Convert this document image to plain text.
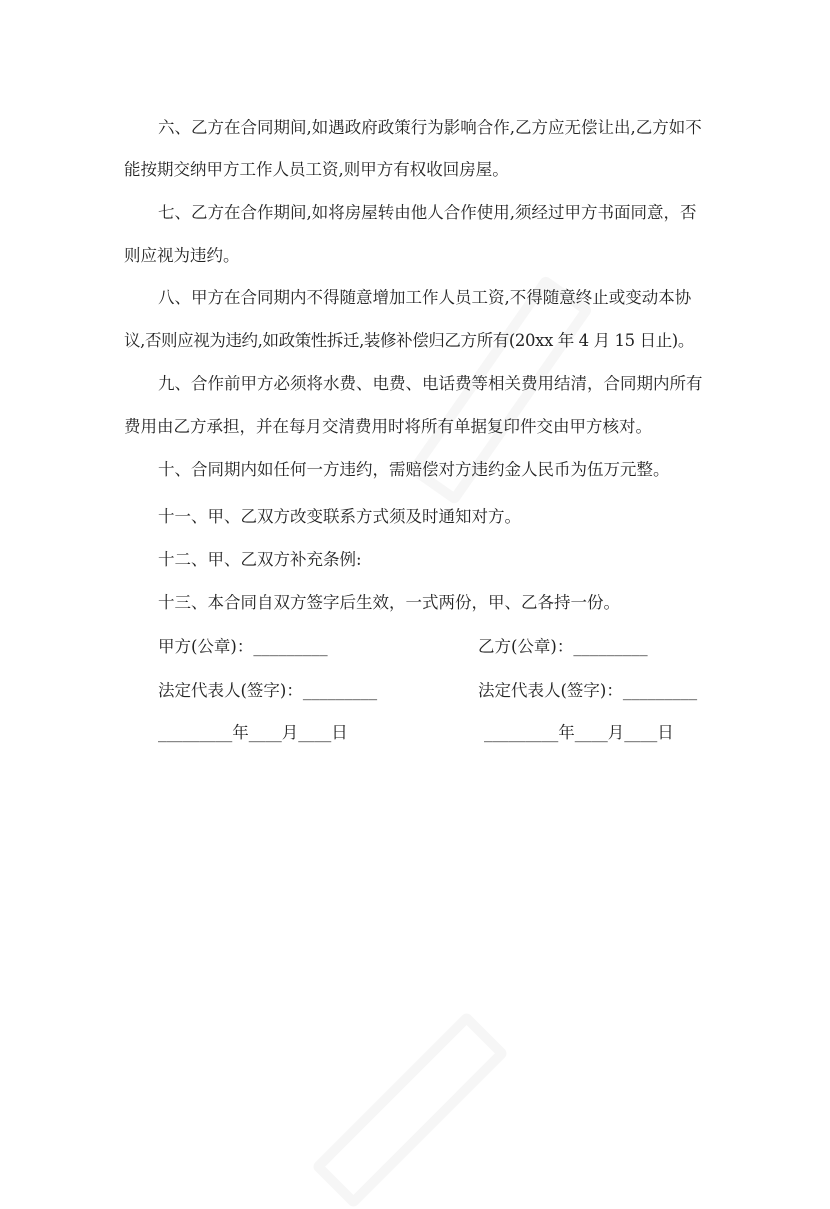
六、乙方在合同期间,如遇政府政策行为影响合作,乙方应无偿让出,乙方如不
能按期交纳甲方工作人员工资,则甲方有权收回房屋。
七、乙方在合作期间,如将房屋转由他人合作使用,须经过甲方书面同意，否
则应视为违约。
八、甲方在合同期内不得随意增加工作人员工资,不得随意终止或变动本协
议,否则应视为违约,如政策性拆迁,装修补偿归乙方所有(20xx 年 4 月 15 日止)。
九、合作前甲方必须将水费、电费、电话费等相关费用结清，合同期内所有
费用由乙方承担，并在每月交清费用时将所有单据复印件交由甲方核对。
十、合同期内如任何一方违约，需赔偿对方违约金人民币为伍万元整。
十一、甲、乙双方改变联系方式须及时通知对方。
十二、甲、乙双方补充条例:
十三、本合同自双方签字后生效，一式两份，甲、乙各持一份。
甲方(公章)：_________	乙方(公章)：_________
法定代表人(签字)：_________	法定代表人(签字)：_________
_________年____月____日	_________年____月____日
